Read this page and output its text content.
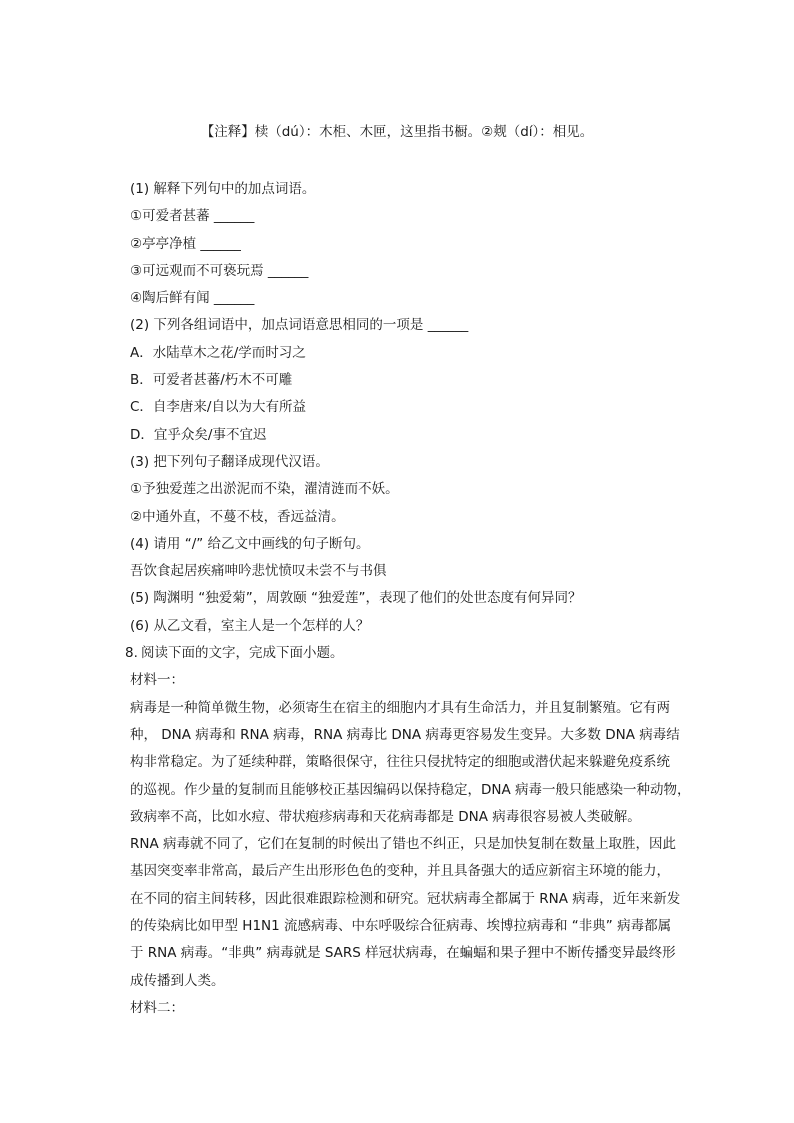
【注释】椟（dú）：木柜、木匣，这里指书橱。②觌（dí）：相见。
(1) 解释下列句中的加点词语。
①可爱者甚蕃 ______
②亭亭净植 ______
③可远观而不可亵玩焉 ______
④陶后鲜有闻 ______
(2) 下列各组词语中，加点词语意思相同的一项是 ______
A．水陆草木之花/学而时习之
B．可爱者甚蕃/朽木不可雕
C．自李唐来/自以为大有所益
D．宜乎众矣/事不宜迟
(3) 把下列句子翻译成现代汉语。
①予独爱莲之出淤泥而不染，濯清涟而不妖。
②中通外直，不蔓不枝，香远益清。
(4) 请用 “/” 给乙文中画线的句子断句。
吾饮食起居疾痛呻吟悲忧愤叹未尝不与书俱
(5) 陶渊明 “独爱菊”，周敦颐 “独爱莲”，表现了他们的处世态度有何异同？
(6) 从乙文看，室主人是一个怎样的人？
8. 阅读下面的文字，完成下面小题。
材料一：
病毒是一种简单微生物，必须寄生在宿主的细胞内才具有生命活力，并且复制繁殖。它有两
种， DNA 病毒和 RNA 病毒，RNA 病毒比 DNA 病毒更容易发生变异。大多数 DNA 病毒结
构非常稳定。为了延续种群，策略很保守，往往只侵扰特定的细胞或潜伏起来躲避免疫系统
的巡视。作少量的复制而且能够校正基因编码以保持稳定，DNA 病毒一般只能感染一种动物，
致病率不高，比如水痘、带状疱疹病毒和天花病毒都是 DNA 病毒很容易被人类破解。
RNA 病毒就不同了，它们在复制的时候出了错也不纠正，只是加快复制在数量上取胜，因此
基因突变率非常高，最后产生出形形色色的变种，并且具备强大的适应新宿主环境的能力，
在不同的宿主间转移，因此很难跟踪检测和研究。冠状病毒全都属于 RNA 病毒，近年来新发
的传染病比如甲型 H1N1 流感病毒、中东呼吸综合征病毒、埃博拉病毒和 “非典” 病毒都属
于 RNA 病毒。“非典” 病毒就是 SARS 样冠状病毒，在蝙蝠和果子狸中不断传播变异最终形
成传播到人类。
材料二：
